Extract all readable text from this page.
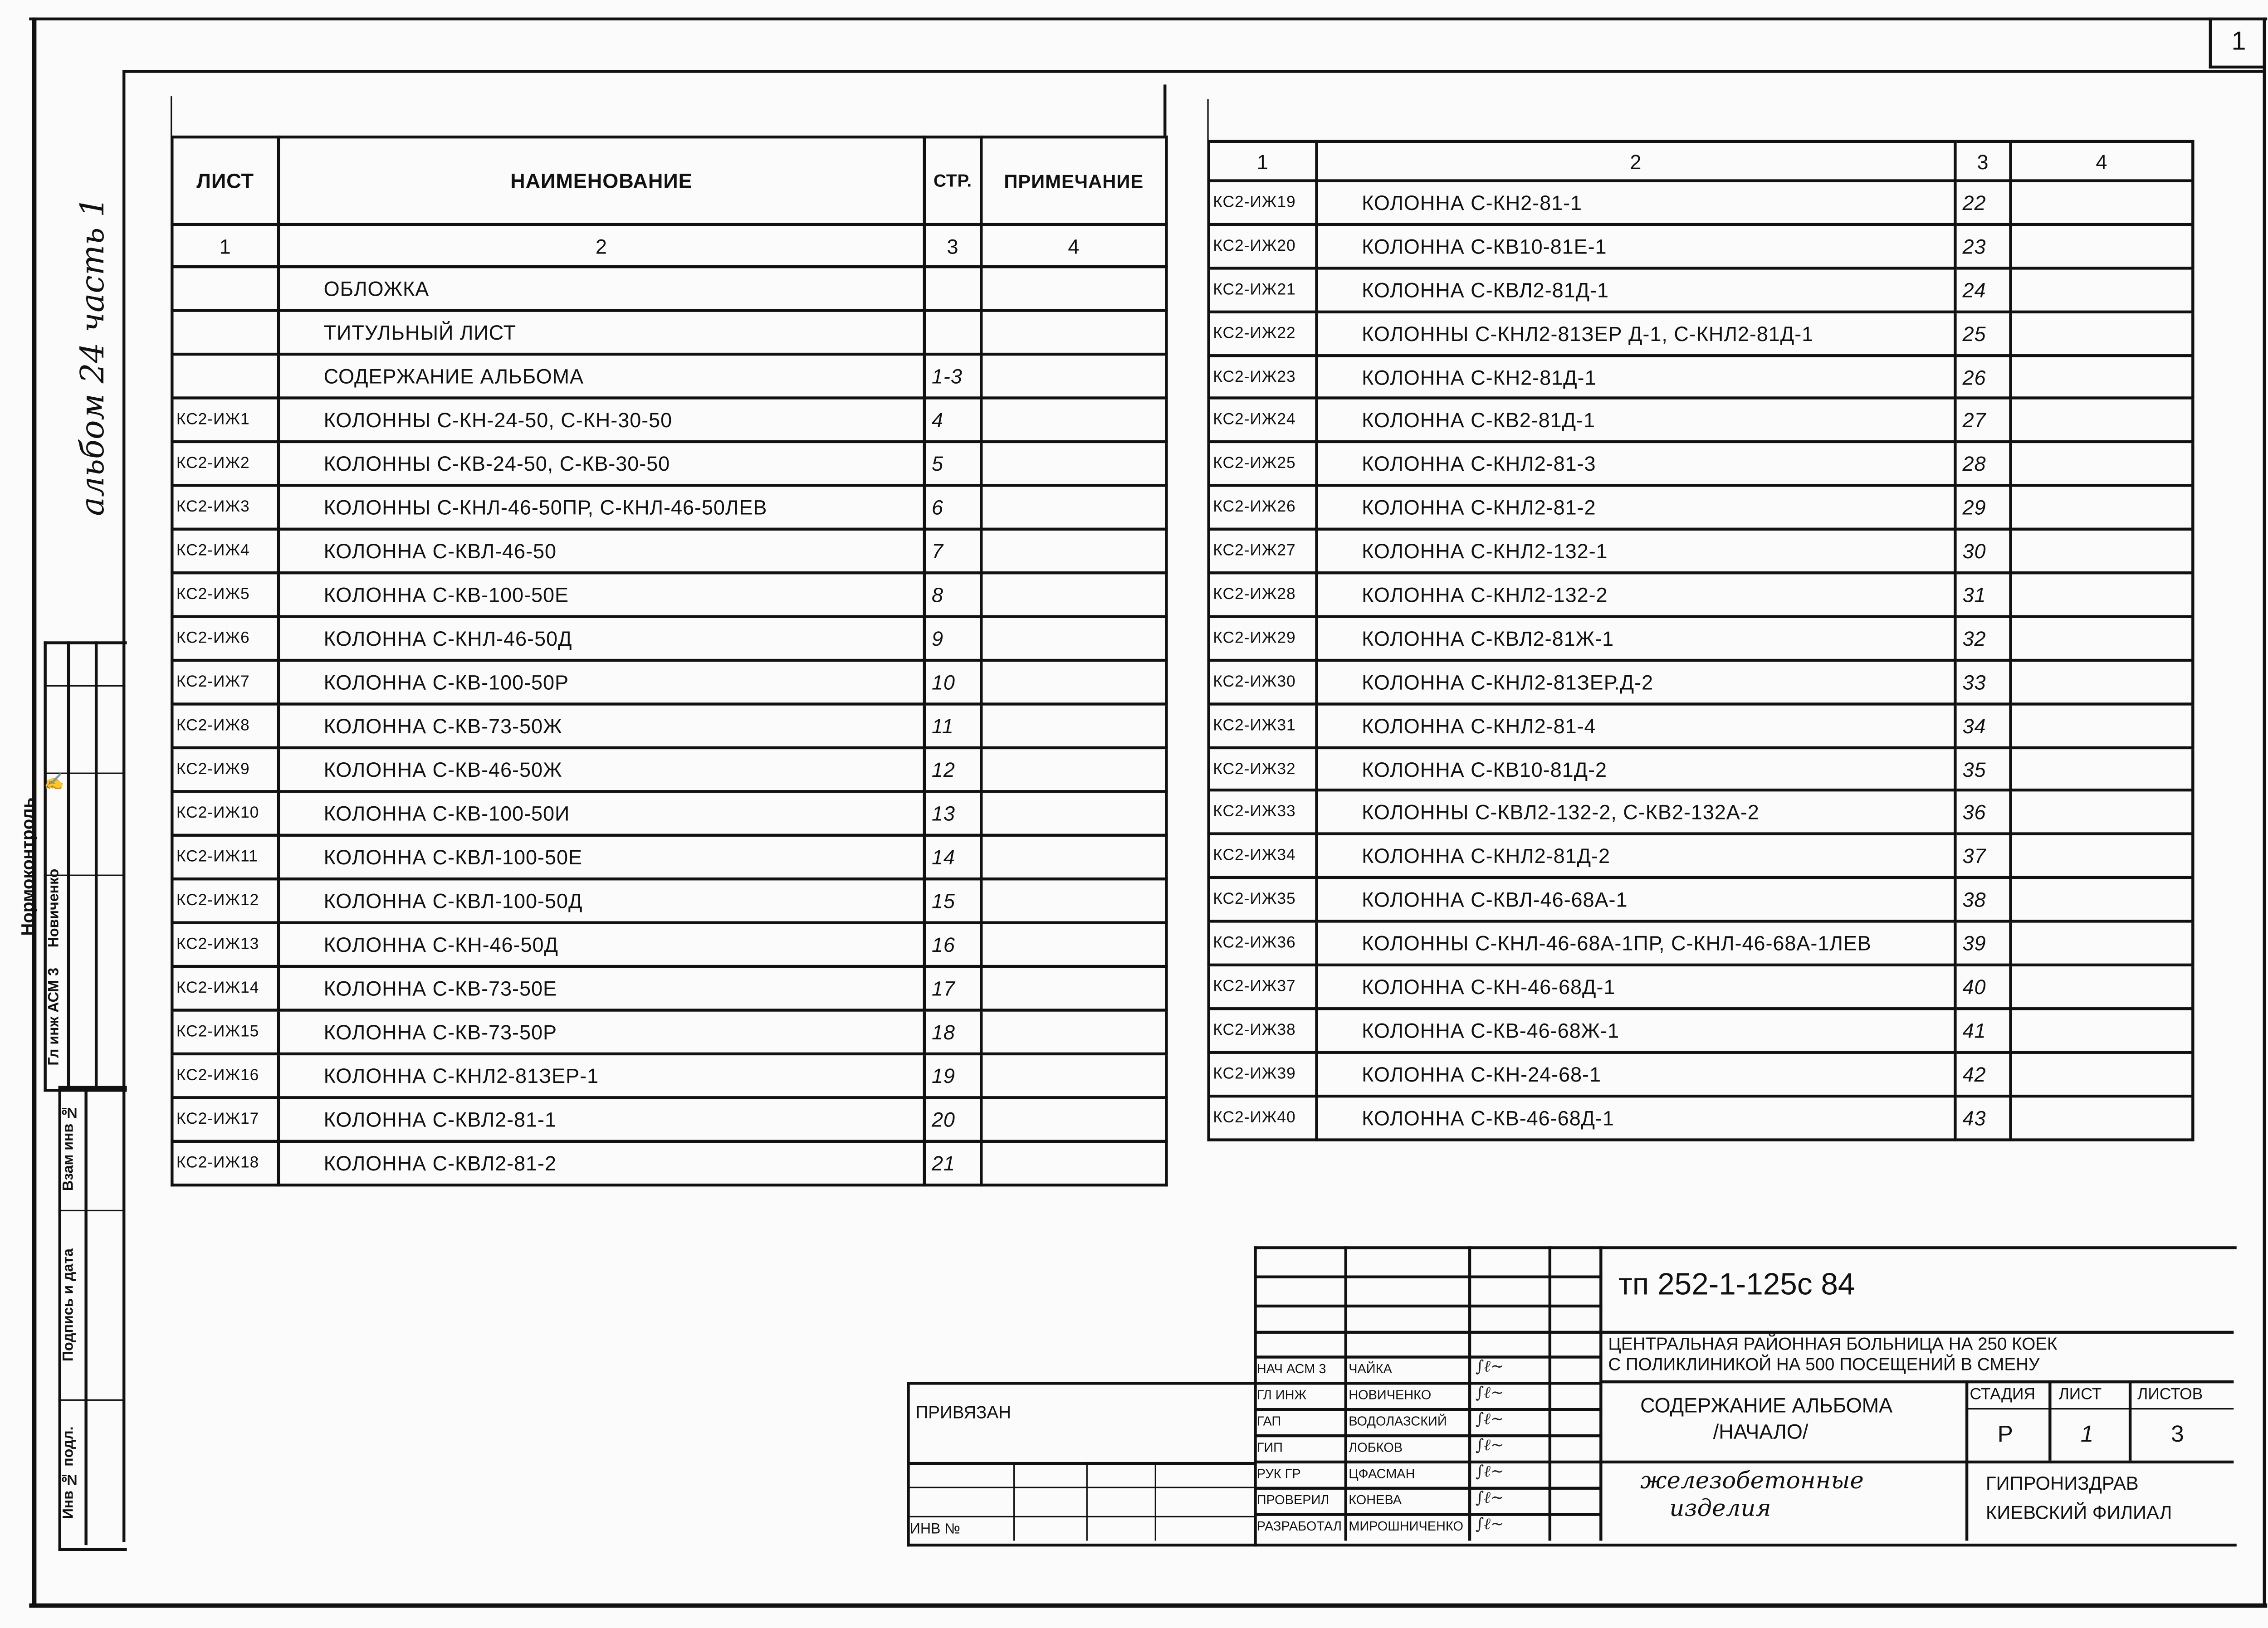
1
альбом 24 часть 1
Нормоконтроль
Гл инж АСМ 3
Новиченко
✍
Взам инв №
Подпись и дата
Инв № подл.
ЛИСТ	НАИМЕНОВАНИЕ	СТР.	ПРИМЕЧАНИЕ
1	2	3	4
	ОБЛОЖКА		
	ТИТУЛЬНЫЙ ЛИСТ		
	СОДЕРЖАНИЕ АЛЬБОМА	1-3	
КС2-ИЖ1	КОЛОННЫ С-КН-24-50, С-КН-30-50	4	
КС2-ИЖ2	КОЛОННЫ С-КВ-24-50, С-КВ-30-50	5	
КС2-ИЖ3	КОЛОННЫ С-КНЛ-46-50ПР, С-КНЛ-46-50ЛЕВ	6	
КС2-ИЖ4	КОЛОННА С-КВЛ-46-50	7	
КС2-ИЖ5	КОЛОННА С-КВ-100-50Е	8	
КС2-ИЖ6	КОЛОННА С-КНЛ-46-50Д	9	
КС2-ИЖ7	КОЛОННА С-КВ-100-50Р	10	
КС2-ИЖ8	КОЛОННА С-КВ-73-50Ж	11	
КС2-ИЖ9	КОЛОННА С-КВ-46-50Ж	12	
КС2-ИЖ10	КОЛОННА С-КВ-100-50И	13	
КС2-ИЖ11	КОЛОННА С-КВЛ-100-50Е	14	
КС2-ИЖ12	КОЛОННА С-КВЛ-100-50Д	15	
КС2-ИЖ13	КОЛОННА С-КН-46-50Д	16	
КС2-ИЖ14	КОЛОННА С-КВ-73-50Е	17	
КС2-ИЖ15	КОЛОННА С-КВ-73-50Р	18	
КС2-ИЖ16	КОЛОННА С-КНЛ2-81ЗЕР-1	19	
КС2-ИЖ17	КОЛОННА С-КВЛ2-81-1	20	
КС2-ИЖ18	КОЛОННА С-КВЛ2-81-2	21	
1	2	3	4
КС2-ИЖ19	КОЛОННА С-КН2-81-1	22	
КС2-ИЖ20	КОЛОННА С-КВ10-81Е-1	23	
КС2-ИЖ21	КОЛОННА С-КВЛ2-81Д-1	24	
КС2-ИЖ22	КОЛОННЫ С-КНЛ2-81ЗЕР Д-1, С-КНЛ2-81Д-1	25	
КС2-ИЖ23	КОЛОННА С-КН2-81Д-1	26	
КС2-ИЖ24	КОЛОННА С-КВ2-81Д-1	27	
КС2-ИЖ25	КОЛОННА С-КНЛ2-81-3	28	
КС2-ИЖ26	КОЛОННА С-КНЛ2-81-2	29	
КС2-ИЖ27	КОЛОННА С-КНЛ2-132-1	30	
КС2-ИЖ28	КОЛОННА С-КНЛ2-132-2	31	
КС2-ИЖ29	КОЛОННА С-КВЛ2-81Ж-1	32	
КС2-ИЖ30	КОЛОННА С-КНЛ2-81ЗЕР.Д-2	33	
КС2-ИЖ31	КОЛОННА С-КНЛ2-81-4	34	
КС2-ИЖ32	КОЛОННА С-КВ10-81Д-2	35	
КС2-ИЖ33	КОЛОННЫ С-КВЛ2-132-2, С-КВ2-132А-2	36	
КС2-ИЖ34	КОЛОННА С-КНЛ2-81Д-2	37	
КС2-ИЖ35	КОЛОННА С-КВЛ-46-68А-1	38	
КС2-ИЖ36	КОЛОННЫ С-КНЛ-46-68А-1ПР, С-КНЛ-46-68А-1ЛЕВ	39	
КС2-ИЖ37	КОЛОННА С-КН-46-68Д-1	40	
КС2-ИЖ38	КОЛОННА С-КВ-46-68Ж-1	41	
КС2-ИЖ39	КОЛОННА С-КН-24-68-1	42	
КС2-ИЖ40	КОЛОННА С-КВ-46-68Д-1	43	
НАЧ АСМ 3	ЧАЙКА	∫ℓ~
ГЛ ИНЖ	НОВИЧЕНКО	∫ℓ~
ГАП	ВОДОЛАЗСКИЙ	∫ℓ~
ГИП	ЛОБКОВ	∫ℓ~
РУК ГР	ЦФАСМАН	∫ℓ~
ПРОВЕРИЛ	КОНЕВА	∫ℓ~
РАЗРАБОТАЛ МИРОШНИЧЕНКО ∫ℓ~
тп 252-1-125с 84
ЦЕНТРАЛЬНАЯ РАЙОННАЯ БОЛЬНИЦА НА 250 КОЕК
С ПОЛИКЛИНИКОЙ НА 500 ПОСЕЩЕНИЙ В СМЕНУ
СОДЕРЖАНИЕ АЛЬБОМА
/НАЧАЛО/
СТАДИЯ	ЛИСТ	ЛИСТОВ
Р	1	3
железобетонные
изделия
ГИПРОНИЗДРАВ
КИЕВСКИЙ ФИЛИАЛ
ПРИВЯЗАН
ИНВ №
